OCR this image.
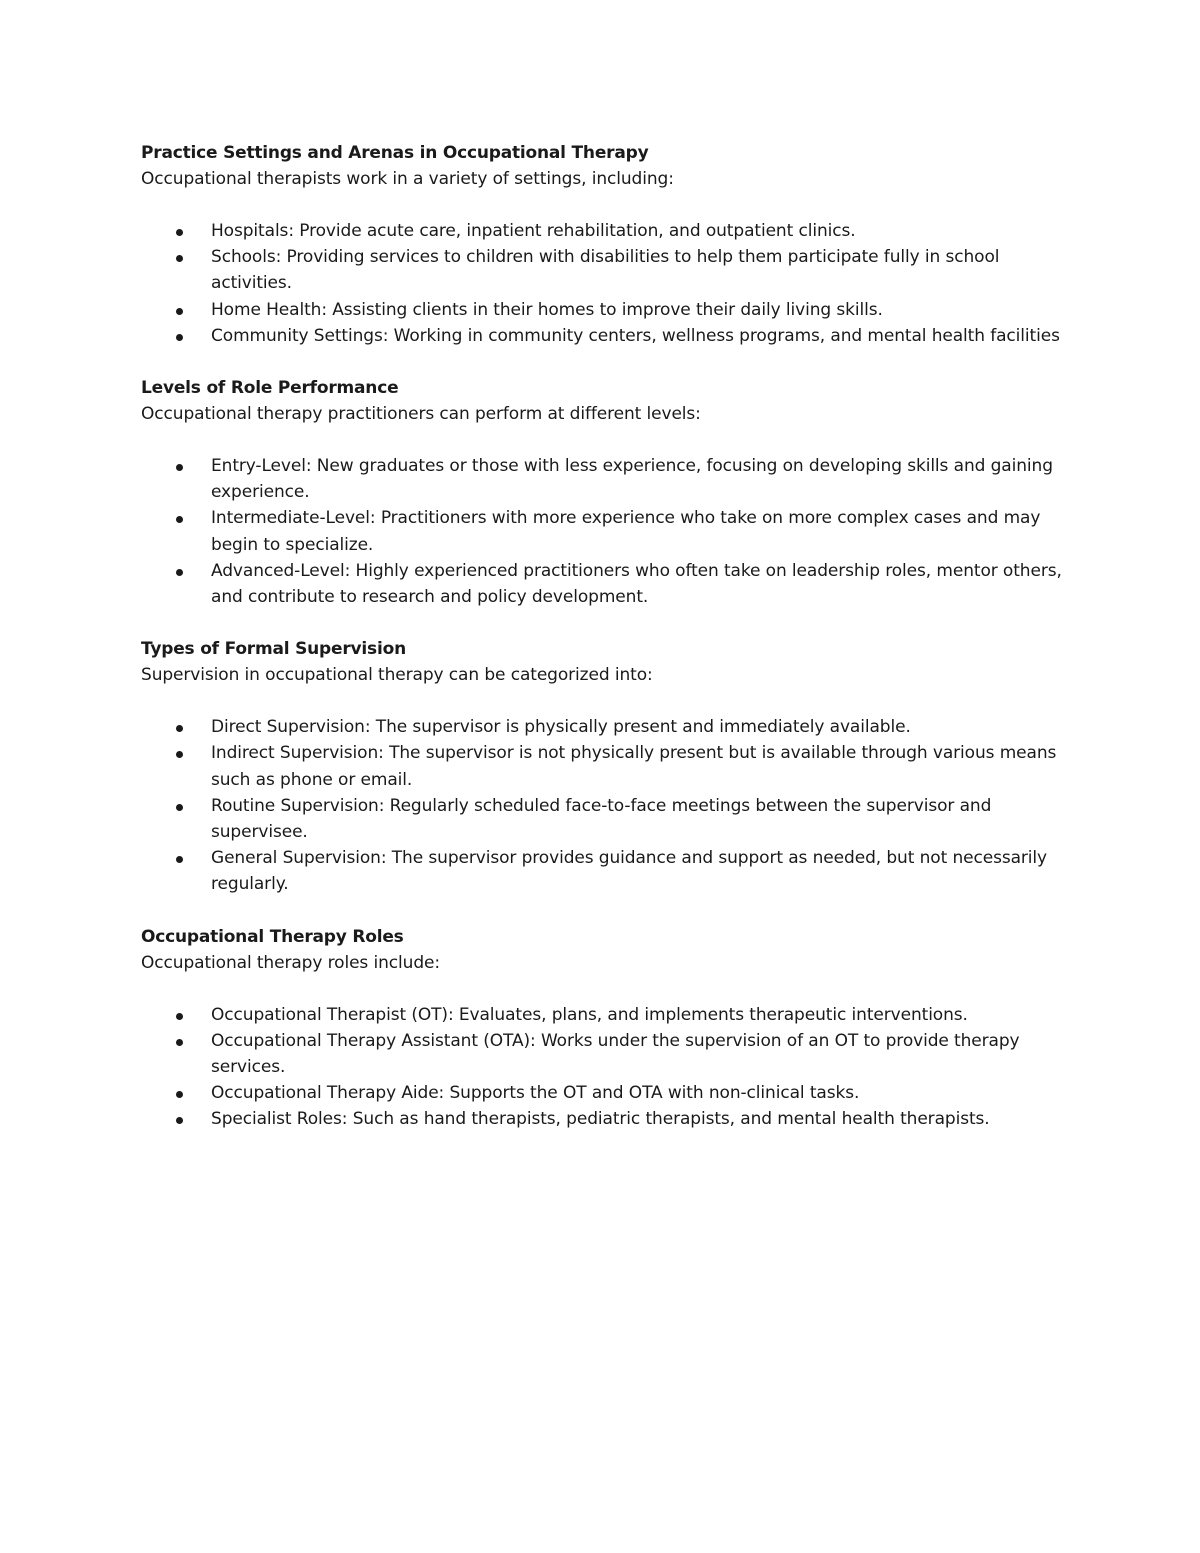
Practice Settings and Arenas in Occupational Therapy

Occupational therapists work in a variety of settings, including:

Hospitals: Provide acute care, inpatient rehabilitation, and outpatient clinics.
Schools: Providing services to children with disabilities to help them participate fully in school activities.
Home Health: Assisting clients in their homes to improve their daily living skills.
Community Settings: Working in community centers, wellness programs, and mental health facilities

Levels of Role Performance

Occupational therapy practitioners can perform at different levels:

Entry-Level: New graduates or those with less experience, focusing on developing skills and gaining experience.
Intermediate-Level: Practitioners with more experience who take on more complex cases and may begin to specialize.
Advanced-Level: Highly experienced practitioners who often take on leadership roles, mentor others, and contribute to research and policy development.

Types of Formal Supervision

Supervision in occupational therapy can be categorized into:

Direct Supervision: The supervisor is physically present and immediately available.
Indirect Supervision: The supervisor is not physically present but is available through various means such as phone or email.
Routine Supervision: Regularly scheduled face-to-face meetings between the supervisor and supervisee.
General Supervision: The supervisor provides guidance and support as needed, but not necessarily regularly.

Occupational Therapy Roles

Occupational therapy roles include:

Occupational Therapist (OT): Evaluates, plans, and implements therapeutic interventions.
Occupational Therapy Assistant (OTA): Works under the supervision of an OT to provide therapy services.
Occupational Therapy Aide: Supports the OT and OTA with non-clinical tasks.
Specialist Roles: Such as hand therapists, pediatric therapists, and mental health therapists.
